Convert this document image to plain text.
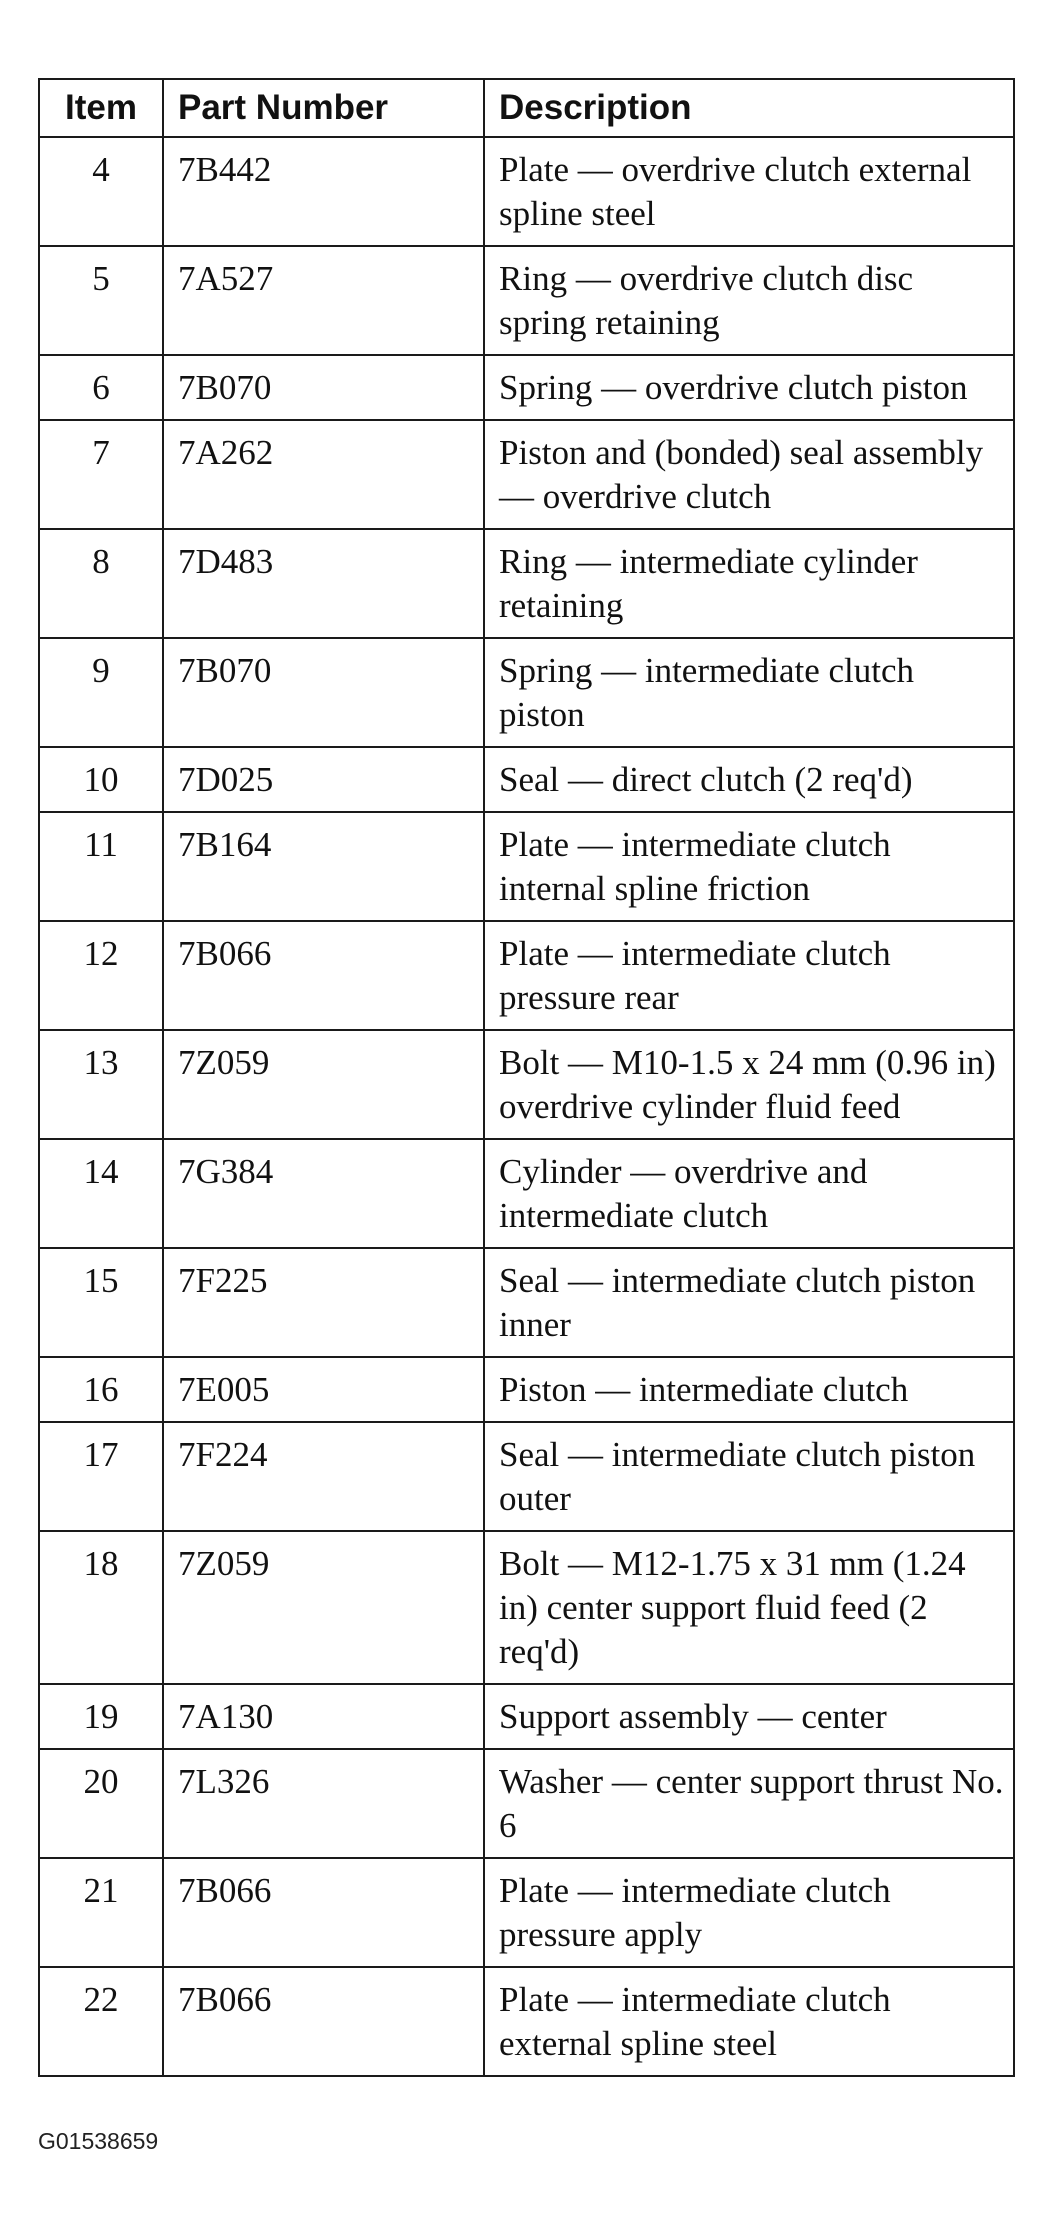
Item	Part Number	Description
4	7B442	Plate — overdrive clutch external spline steel
5	7A527	Ring — overdrive clutch disc spring retaining
6	7B070	Spring — overdrive clutch piston
7	7A262	Piston and (bonded) seal assembly — overdrive clutch
8	7D483	Ring — intermediate cylinder retaining
9	7B070	Spring — intermediate clutch piston
10	7D025	Seal — direct clutch (2 req'd)
11	7B164	Plate — intermediate clutch internal spline friction
12	7B066	Plate — intermediate clutch pressure rear
13	7Z059	Bolt — M10-1.5 x 24 mm (0.96 in) overdrive cylinder fluid feed
14	7G384	Cylinder — overdrive and intermediate clutch
15	7F225	Seal — intermediate clutch piston inner
16	7E005	Piston — intermediate clutch
17	7F224	Seal — intermediate clutch piston outer
18	7Z059	Bolt — M12-1.75 x 31 mm (1.24 in) center support fluid feed (2 req'd)
19	7A130	Support assembly — center
20	7L326	Washer — center support thrust No. 6
21	7B066	Plate — intermediate clutch pressure apply
22	7B066	Plate — intermediate clutch external spline steel
G01538659
